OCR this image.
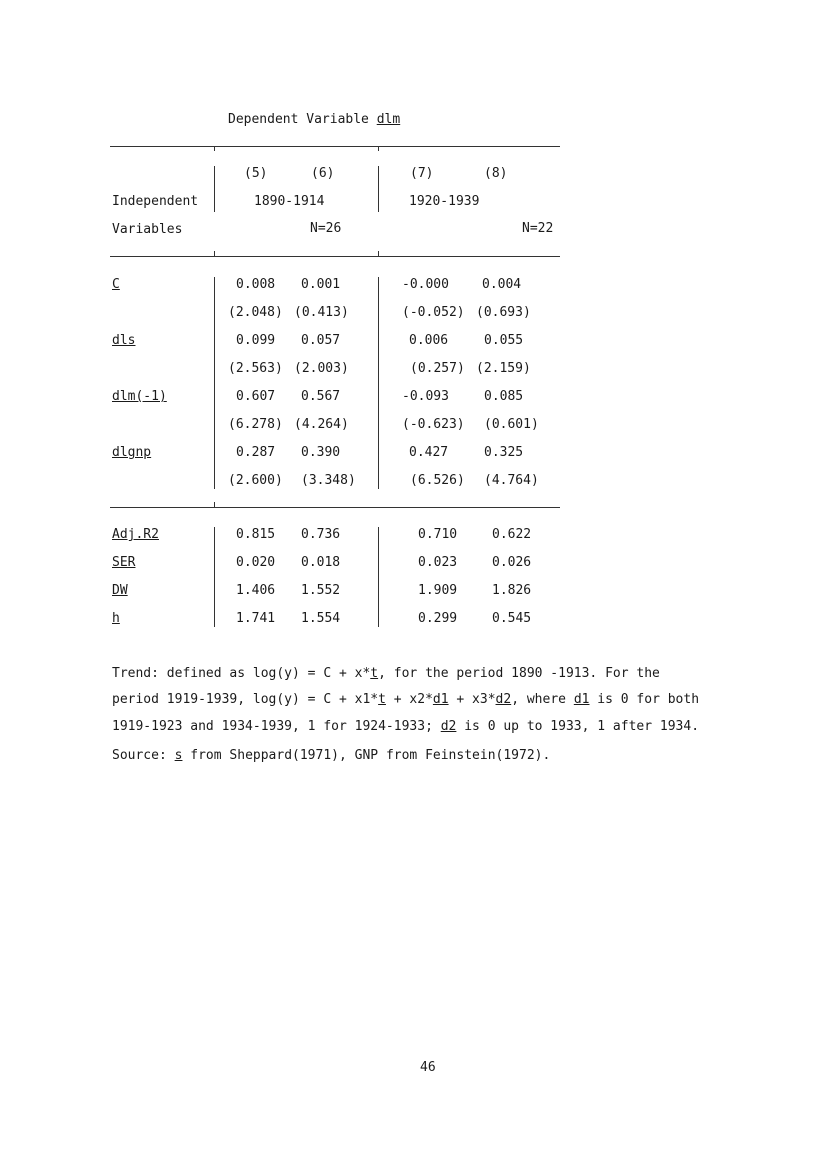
Dependent Variable dlm
(5)	(6)	(7)	(8)
Independent	1890-1914	1920-1939
Variables	N=26	N=22
C	0.008 0.001	-0.000	0.004
(2.048) (0.413)	(-0.052) (0.693)
dls	0.099 0.057	0.006	0.055
(2.563) (2.003)	(0.257) (2.159)
dlm(-1)	0.607 0.567	-0.093	0.085
(6.278) (4.264)	(-0.623) (0.601)
dlgnp	0.287 0.390	0.427	0.325
(2.600) (3.348)	(6.526) (4.764)
Adj.R2	0.815 0.736	0.710	0.622
SER	0.020 0.018	0.023	0.026
DW	1.406 1.552	1.909	1.826
h	1.741 1.554	0.299	0.545
Trend: defined as log(y) = C + x*t, for the period 1890 -1913. For the
period 1919-1939, log(y) = C + x1*t + x2*d1 + x3*d2, where d1 is 0 for both
1919-1923 and 1934-1939, 1 for 1924-1933; d2 is 0 up to 1933, 1 after 1934.
Source: s from Sheppard(1971), GNP from Feinstein(1972).
46
